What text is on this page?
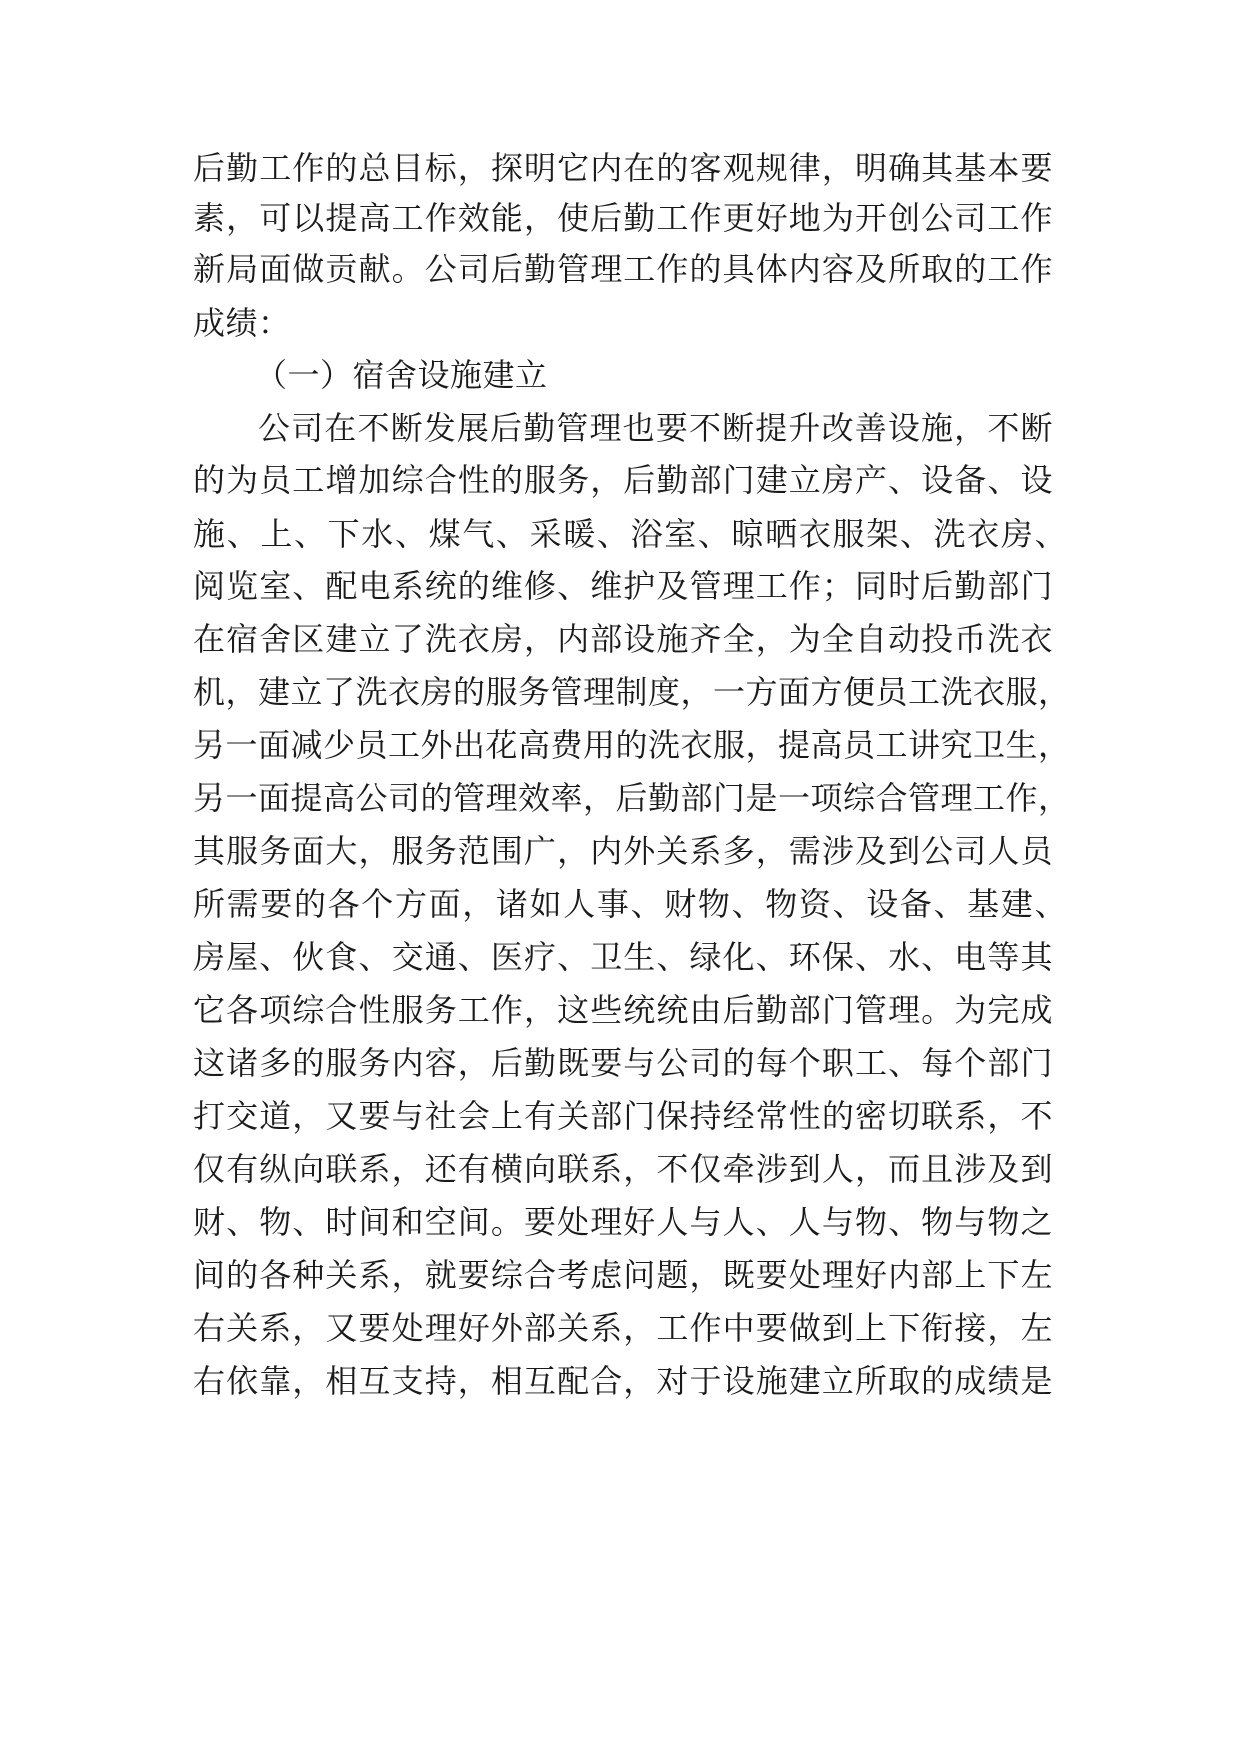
后勤工作的总目标，探明它内在的客观规律，明确其基本要
素，可以提高工作效能，使后勤工作更好地为开创公司工作
新局面做贡献。公司后勤管理工作的具体内容及所取的工作
成绩：
（一）宿舍设施建立
公司在不断发展后勤管理也要不断提升改善设施，不断
的为员工增加综合性的服务，后勤部门建立房产、设备、设
施、上、下水、煤气、采暖、浴室、晾晒衣服架、洗衣房、
阅览室、配电系统的维修、维护及管理工作；同时后勤部门
在宿舍区建立了洗衣房，内部设施齐全，为全自动投币洗衣
机，建立了洗衣房的服务管理制度，一方面方便员工洗衣服，
另一面减少员工外出花高费用的洗衣服，提高员工讲究卫生，
另一面提高公司的管理效率，后勤部门是一项综合管理工作，
其服务面大，服务范围广，内外关系多，需涉及到公司人员
所需要的各个方面，诸如人事、财物、物资、设备、基建、
房屋、伙食、交通、医疗、卫生、绿化、环保、水、电等其
它各项综合性服务工作，这些统统由后勤部门管理。为完成
这诸多的服务内容，后勤既要与公司的每个职工、每个部门
打交道，又要与社会上有关部门保持经常性的密切联系，不
仅有纵向联系，还有横向联系，不仅牵涉到人，而且涉及到
财、物、时间和空间。要处理好人与人、人与物、物与物之
间的各种关系，就要综合考虑问题，既要处理好内部上下左
右关系，又要处理好外部关系，工作中要做到上下衔接，左
右依靠，相互支持，相互配合，对于设施建立所取的成绩是
